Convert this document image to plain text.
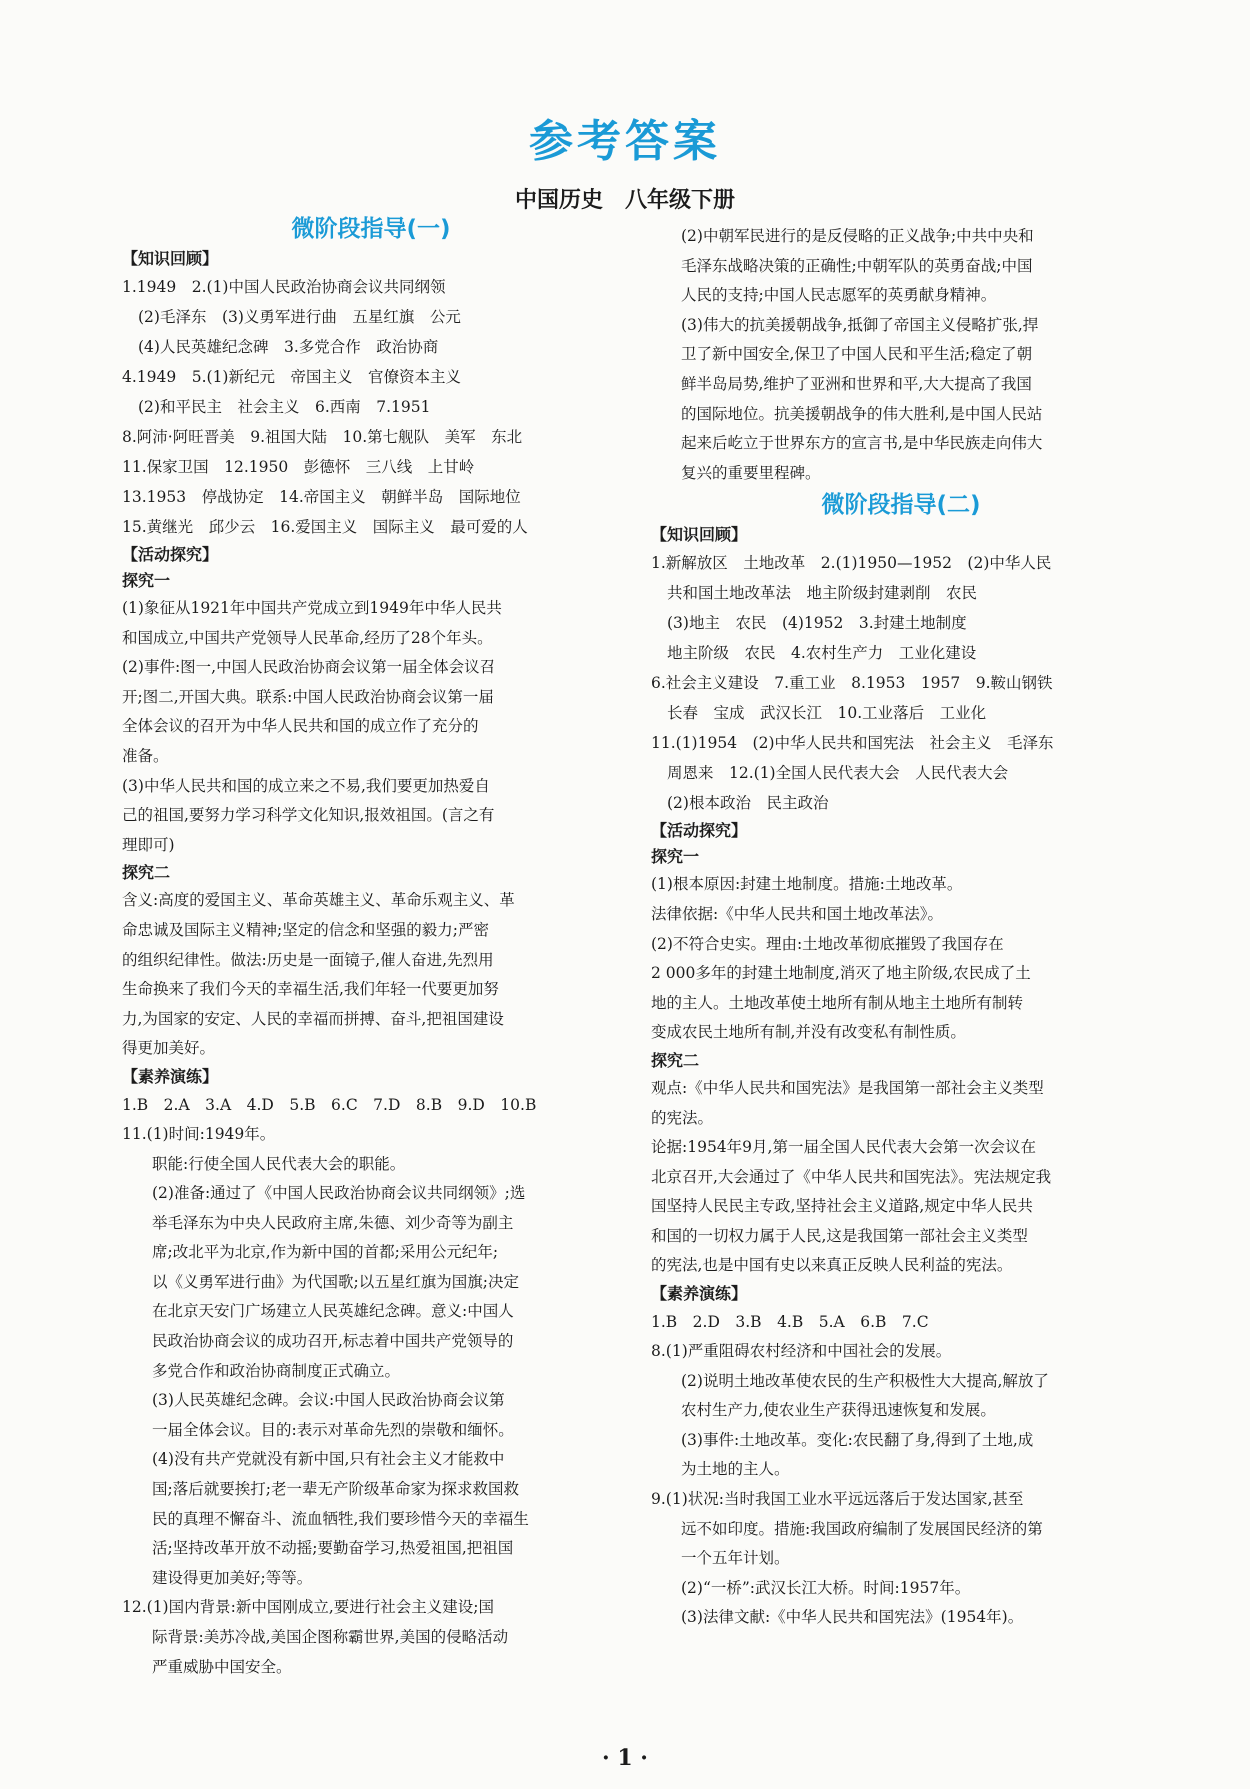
参考答案
中国历史　八年级下册
微阶段指导(一)
【知识回顾】
1.1949　2.(1)中国人民政治协商会议共同纲领
(2)毛泽东　(3)义勇军进行曲　五星红旗　公元
(4)人民英雄纪念碑　3.多党合作　政治协商
4.1949　5.(1)新纪元　帝国主义　官僚资本主义
(2)和平民主　社会主义　6.西南　7.1951
8.阿沛·阿旺晋美　9.祖国大陆　10.第七舰队　美军　东北
11.保家卫国　12.1950　彭德怀　三八线　上甘岭
13.1953　停战协定　14.帝国主义　朝鲜半岛　国际地位
15.黄继光　邱少云　16.爱国主义　国际主义　最可爱的人
【活动探究】
探究一
(1)象征从1921年中国共产党成立到1949年中华人民共
和国成立,中国共产党领导人民革命,经历了28个年头。
(2)事件:图一,中国人民政治协商会议第一届全体会议召
开;图二,开国大典。联系:中国人民政治协商会议第一届
全体会议的召开为中华人民共和国的成立作了充分的
准备。
(3)中华人民共和国的成立来之不易,我们要更加热爱自
己的祖国,要努力学习科学文化知识,报效祖国。(言之有
理即可)
探究二
含义:高度的爱国主义、革命英雄主义、革命乐观主义、革
命忠诚及国际主义精神;坚定的信念和坚强的毅力;严密
的组织纪律性。做法:历史是一面镜子,催人奋进,先烈用
生命换来了我们今天的幸福生活,我们年轻一代要更加努
力,为国家的安定、人民的幸福而拼搏、奋斗,把祖国建设
得更加美好。
【素养演练】
1.B　2.A　3.A　4.D　5.B　6.C　7.D　8.B　9.D　10.B
11.(1)时间:1949年。
职能:行使全国人民代表大会的职能。
(2)准备:通过了《中国人民政治协商会议共同纲领》;选
举毛泽东为中央人民政府主席,朱德、刘少奇等为副主
席;改北平为北京,作为新中国的首都;采用公元纪年;
以《义勇军进行曲》为代国歌;以五星红旗为国旗;决定
在北京天安门广场建立人民英雄纪念碑。意义:中国人
民政治协商会议的成功召开,标志着中国共产党领导的
多党合作和政治协商制度正式确立。
(3)人民英雄纪念碑。会议:中国人民政治协商会议第
一届全体会议。目的:表示对革命先烈的崇敬和缅怀。
(4)没有共产党就没有新中国,只有社会主义才能救中
国;落后就要挨打;老一辈无产阶级革命家为探求救国救
民的真理不懈奋斗、流血牺牲,我们要珍惜今天的幸福生
活;坚持改革开放不动摇;要勤奋学习,热爱祖国,把祖国
建设得更加美好;等等。
12.(1)国内背景:新中国刚成立,要进行社会主义建设;国
际背景:美苏冷战,美国企图称霸世界,美国的侵略活动
严重威胁中国安全。
(2)中朝军民进行的是反侵略的正义战争;中共中央和
毛泽东战略决策的正确性;中朝军队的英勇奋战;中国
人民的支持;中国人民志愿军的英勇献身精神。
(3)伟大的抗美援朝战争,抵御了帝国主义侵略扩张,捍
卫了新中国安全,保卫了中国人民和平生活;稳定了朝
鲜半岛局势,维护了亚洲和世界和平,大大提高了我国
的国际地位。抗美援朝战争的伟大胜利,是中国人民站
起来后屹立于世界东方的宣言书,是中华民族走向伟大
复兴的重要里程碑。
微阶段指导(二)
【知识回顾】
1.新解放区　土地改革　2.(1)1950—1952　(2)中华人民
共和国土地改革法　地主阶级封建剥削　农民
(3)地主　农民　(4)1952　3.封建土地制度
地主阶级　农民　4.农村生产力　工业化建设
6.社会主义建设　7.重工业　8.1953　1957　9.鞍山钢铁
长春　宝成　武汉长江　10.工业落后　工业化
11.(1)1954　(2)中华人民共和国宪法　社会主义　毛泽东
周恩来　12.(1)全国人民代表大会　人民代表大会
(2)根本政治　民主政治
【活动探究】
探究一
(1)根本原因:封建土地制度。措施:土地改革。
法律依据:《中华人民共和国土地改革法》。
(2)不符合史实。理由:土地改革彻底摧毁了我国存在
2 000多年的封建土地制度,消灭了地主阶级,农民成了土
地的主人。土地改革使土地所有制从地主土地所有制转
变成农民土地所有制,并没有改变私有制性质。
探究二
观点:《中华人民共和国宪法》是我国第一部社会主义类型
的宪法。
论据:1954年9月,第一届全国人民代表大会第一次会议在
北京召开,大会通过了《中华人民共和国宪法》。宪法规定我
国坚持人民民主专政,坚持社会主义道路,规定中华人民共
和国的一切权力属于人民,这是我国第一部社会主义类型
的宪法,也是中国有史以来真正反映人民利益的宪法。
【素养演练】
1.B　2.D　3.B　4.B　5.A　6.B　7.C
8.(1)严重阻碍农村经济和中国社会的发展。
(2)说明土地改革使农民的生产积极性大大提高,解放了
农村生产力,使农业生产获得迅速恢复和发展。
(3)事件:土地改革。变化:农民翻了身,得到了土地,成
为土地的主人。
9.(1)状况:当时我国工业水平远远落后于发达国家,甚至
远不如印度。措施:我国政府编制了发展国民经济的第
一个五年计划。
(2)“一桥”:武汉长江大桥。时间:1957年。
(3)法律文献:《中华人民共和国宪法》(1954年)。
· 1 ·
